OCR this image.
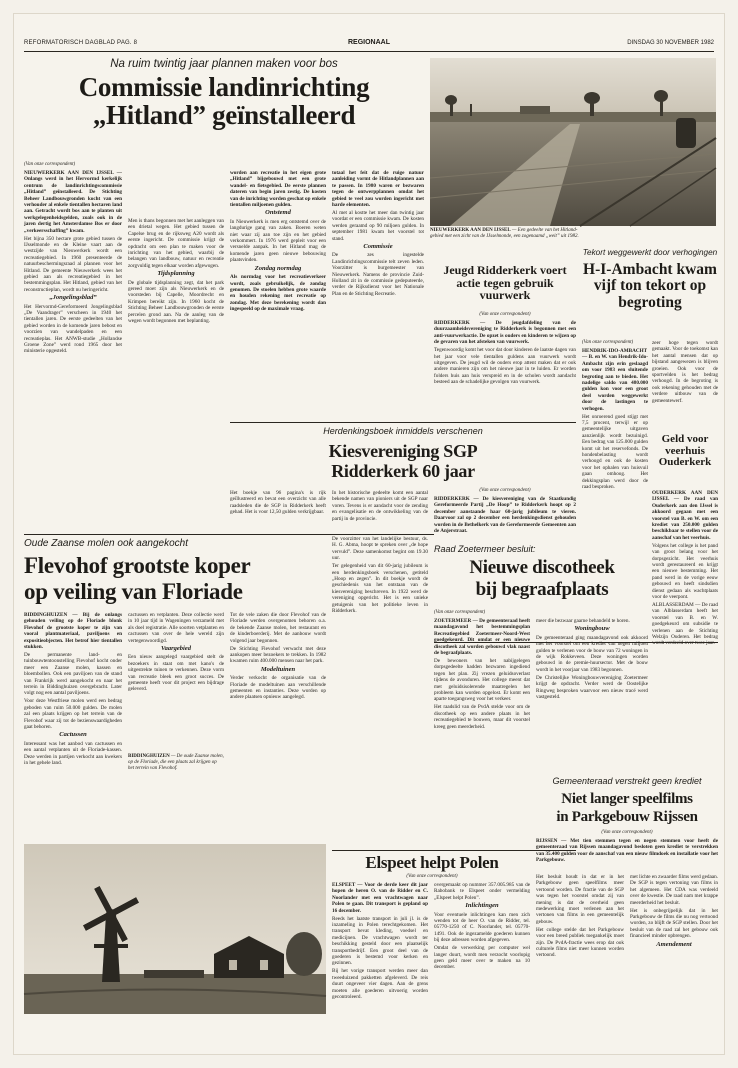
REFORMATORISCH DAGBLAD PAG. 8	REGIONAAL	DINSDAG 30 NOVEMBER 1982
Na ruim twintig jaar plannen maken voor bos
Commissie landinrichting
„Hitland” geïnstalleerd
(Van onze correspondent)

NIEUWERKERK AAN DEN IJSSEL — Onlangs werd in het Hervormd kerkelijk centrum de landinrichtingscommissie „Hitland” geïnstalleerd. De Stichting Beheer Landbouwgronden kocht van een verhouder al enkele tientallen hectaren land aan. Getracht wordt bos aan te planten uit werkgelegenheidsgelden, zoals ook in de jaren dertig het Amsterdamse Bos er door „verkeersschaffing” kwam.

Het bijna 350 hectare grote gebied tussen de IJsselmonde en de Kleine vaart aan de westzijde van Nieuwerkerk wordt een recreatiegebied. In 1960 presenteerde de natuurbeschermingsraad al plannen voor het Hitland. De gemeente Nieuwerkerk wees het gebied aan als recreatiegebied in het bestemmingsplan. Het Hitland, gebied van het reconstructieplan, wordt nu heringericht.

„Jongelingsblad”

Het Hervormd-Gereformeerd Jongelingsblad „De Vaandrager” verscheen in 1940 het tientallen jaren. De eerste gedeelten van het gebied worden in de komende jaren bebost en voorzien van wandelpaden en een recreatieplas. Het ANWB-studie „Hollandse Groene Zone” werd rond 1965 door het ministerie opgesteld.

Men is thans begonnen met het aanleggen van een drietal wegen. Het gebied tussen de Capelse brug en de rijksweg A20 wordt als eerste ingericht. De commissie krijgt de opdracht om een plan te maken voor de inrichting van het gebied, waarbij de belangen van landbouw, natuur en recreatie zorgvuldig tegen elkaar worden afgewogen.

Tijdsplanning

De globale tijdsplanning zegt, dat het park gereed moet zijn als Nieuwerkerk en de voorsteden bij Capelle, Moordrecht en Krimpen bereikt zijn. In 1960 kocht de Stichting Beheer Landbouwgronden de eerste percelen grond aan. Na de aanleg van de wegen wordt begonnen met beplanting.

worden aan recreatie in het eigen grote „Hitland” bijgebouwd met een grote wandel- en fietsgebied. De eerste plannen dateren van begin jaren zestig. De kosten van de inrichting worden geschat op enkele tientallen miljoenen gulden.

Ontstemd

In Nieuwerkerk is men erg ontstemd over de langdurige gang van zaken. Boeren weten niet waar zij aan toe zijn en het gebied verkommert. In 1976 werd gepleit voor een versnelde aanpak. In het Hitland mag de komende jaren geen nieuwe bebouwing plaatsvinden.

Zondag normdag

Als normdag voor het recreatieverkeer wordt, zoals gebruikelijk, de zondag genomen. De stoelen hebben grote waarde en houden rekening met recreatie op zondag. Met deze berekening wordt dan ingespeeld op de maximale vraag.

totaal het feit dat de ruige natuur aanleiding vormt de Hitlandplannen aan te passen. In 1980 waren er bezwaren tegen de ontwerpplannen omdat het gebied te veel zou worden ingericht met harde elementen.

Al met al kostte het meer dan twintig jaar voordat er een commissie kwam. De kosten werden geraamd op 90 miljoen gulden. In september 1981 kwam het voorstel tot stand.

Commissie

De zes ingestelde Landinrichtingscommissie telt zeven leden. Voorzitter is burgemeester van Nieuwerkerk. Namens de provincie Zuid-Holland zit in de commissie gedeputeerde, verder de Rijksdienst voor het Nationale Plan en de Stichting Recreatie.

NIEUWERKERK AAN DEN IJSSEL — Een gedeelte van het Hitland-gebied met een zicht van de IJsselmonde, een zogenaamd „weit” uit 1982.
Jeugd Ridderkerk voert actie tegen gebruik vuurwerk
(Van onze correspondent)

RIDDERKERK — De jeugdafdeling van de duurzaamheidsvereniging te Ridderkerk is begonnen met een anti-vuurwerkactie. De opzet is ouders en kinderen te wijzen op de gevaren van het afsteken van vuurwerk.

Tegenwoordig komt het voor dat door kinderen de laatste dagen van het jaar voor vele tientallen guldens aan vuurwerk wordt uitgegeven. De jeugd wil de ouders erop attent maken dat er ook andere manieren zijn om het nieuwe jaar in te luiden. Er worden folders huis aan huis verspreid en in de scholen wordt aandacht besteed aan de schadelijke gevolgen van vuurwerk.

Tekort weggewerkt door verhogingen
H-I-Ambacht kwam vijf ton tekort op begroting
(Van onze correspondent)

HENDRIK-IDO-AMBACHT — B. en W. van Hendrik-Ido-Ambacht zijn erin geslaagd om voor 1983 een sluitende begroting aan te bieden. Het nadelige saldo van 480.000 gulden kon voor een groot deel worden weggewerkt door de lastingen te verhogen.

Het onroerend goed stijgt met 7,5 procent, terwijl er op gemeentelijke uitgaven aanzienlijk wordt bezuinigd. Een bedrag van 125.000 gulden komt uit het reservefonds. De hondenbelasting wordt verhoogd en ook de kosten voor het ophalen van huisvuil gaan omhoog. Het dekkingsplan werd door de raad besproken.

zeer hoge tegen wordt gemaakt. Voor de toekomst kan het aantal mensen dat op bijstand aangewezen is blijven groeien. Ook voor de sportvelden is het bedrag verhoogd. In de begroting is ook rekening gehouden met de verdere uitbouw van de gemeentewerf.

Geld voor veerhuis Ouderkerk

OUDERKERK AAN DEN IJSSEL — De raad van Ouderkerk aan den IJssel is akkoord gegaan met een voorstel van B. en W. om een krediet van 250.000 gulden beschikbaar te stellen voor de aanschaf van het veerhuis.

Volgens het college is het pand van groot belang voor het dorpsgezicht. Het veerhuis wordt gerestaureerd en krijgt een nieuwe bestemming. Het pand werd in de vorige eeuw gebouwd en heeft sindsdien dienst gedaan als wachtplaats voor de veerpont.

ALBLASSERDAM — De raad van Alblasserdam heeft het voorstel van B. en W. goedgekeurd om subsidie te verlenen aan de Stichting Welzijn Ouderen. Het bedrag wordt verdeeld over twee jaar.

Herdenkingsboek inmiddels verschenen
Kiesvereniging SGP
Ridderkerk 60 jaar
(Van onze correspondent)

Het boekje van 96 pagina's is rijk geïllustreerd en bevat een overzicht van alle raadsleden die de SGP in Ridderkerk heeft gehad. Het is voor 12,50 gulden verkrijgbaar.

In het historische gedeelte komt een aantal bekende namen van pioniers uit de SGP naar voren. Tevens is er aandacht voor de zending en evangelisatie en de ontwikkeling van de partij in de provincie.

RIDDERKERK — De kiesvereniging van de Staatkundig Gereformeerde Partij „De Hoop” te Ridderkerk hoopt op 2 december aanstaande haar 60-jarig jubileum te vieren. Daarvoor zal op 2 december een herdenkingsdienst gehouden worden in de Bethelkerk van de Gereformeerde Gemeenten aan de Anjerstraat.

Oude Zaanse molen ook aangekocht
Flevohof grootste koper
op veiling van Floriade

BIDDINGHUIZEN — Bij de onlangs gehouden veiling op de Floriade blonk Flevohof de grootste koper te zijn van vooral plantmateriaal, paviljoens en expositieobjecten. Het betrof hier tientallen stukken.

De permanente land- en tuinbouwtentoonstelling Flevohof kocht onder meer een Zaanse molen, kassen en bloembollen. Ook een paviljoen van de stand van Frankrijk werd aangekocht en naar het terrein in Biddinghuizen overgebracht. Later volgt nog een aantal paviljoens.

Voor deze Westfriese molen werd een bedrag geboden van ruim 50.000 gulden. De molen zal een plaats krijgen op het terrein van de Flevohof waar zij tot de bezienswaardigheden gaat behoren.

Cactussen

Interessant was het aanbod van cactussen en een aantal vetplanten uit de Floriade-kassen. Deze werden in partijen verkocht aan kwekers in het gehele land.

cactussen en vetplanten. Deze collectie werd in 10 jaar tijd in Wageningen verzameld met als doel registratie. Alle soorten vetplanten en cactussen van over de hele wereld zijn vertegenwoordigd.

Vaargebied

Een nieuw aangelegd vaargebied stelt de bezoekers in staat om met kano's de uitgestrekte tuinen te verkennen. Deze vorm van recreatie bleek een groot succes. De gemeente heeft voor dit project een bijdrage geleverd.

BIDDINGHUIZEN — De oude Zaanse molen, op de Floriade, die een plaats zal krijgen op het terrein van Flevohof.

Tot de vele zaken die door Flevohof van de Floriade werden overgenomen behoren o.a. de bekende Zaanse molen, het restaurant en de kinderboerderij. Met de aanbouw wordt volgend jaar begonnen.

De Stichting Flevohof verwacht met deze aankopen meer bezoekers te trekken. In 1982 kwamen ruim 400.000 mensen naar het park.

Modeltuinen

Verder verkocht de organisatie van de Floriade de modeltuinen aan verschillende gemeenten en instanties. Deze worden op andere plaatsen opnieuw aangelegd.

De voorzitter van het landelijke bestuur, ds. H. G. Abma, hoopt te spreken over „de hope vervuld”. Deze samenkomst begint om 19.30 uur.

Ter gelegenheid van dit 60-jarig jubileum is een herdenkingsboek verschenen, getiteld „Hoop en zegen”. In dit boekje wordt de geschiedenis van het ontstaan van de kiesvereniging beschreven. In 1922 werd de vereniging opgericht. Het is een unieke getuigenis van het politieke leven in Ridderkerk.

Raad Zoetermeer besluit:
Nieuwe discotheek
bij begraafplaats
(Van onze correspondent)

ZOETERMEER — De gemeenteraad heeft maandagavond het bestemmingsplan Recreatiegebied Zoetermeer-Noord-West goedgekeurd. Dit omdat er een nieuwe discotheek zal worden gebouwd vlak naast de begraafplaats.

De bewoners van het nabijgelegen dorpsgedeelte hadden bezwaren ingediend tegen het plan. Zij vrezen geluidsoverlast tijdens de avonduren. Het college meent dat met geluidsisolerende maatregelen het probleem kan worden opgelost. Er komt een aparte toegangsweg voor het verkeer.

Het raadslid van de PvdA stelde voor om de discotheek op een andere plaats in het recreatiegebied te bouwen, maar dit voorstel kreeg geen meerderheid.

meer die bezwaar gaarne behandeld te horen.

Woningbouw

De gemeenteraad ging maandagavond ook akkoord met het voorstel om een krediet van negen miljoen gulden te verlenen voor de bouw van 72 woningen in de wijk Rokkeveen. Deze woningen worden gebouwd in de premie-huursector. Met de bouw wordt in het voorjaar van 1983 begonnen.

De Christelijke Woningbouwvereniging Zoetermeer krijgt de opdracht. Verder werd de Oostelijke Ringweg besproken waarvoor een nieuw tracé werd vastgesteld.

Elspeet helpt Polen
(Van onze correspondent)

ELSPEET — Voor de derde keer dit jaar hopen de heren O. van de Ridder en C. Noorlander met een vrachtwagen naar Polen te gaan. Dit transport is gepland op 16 december.

Reeds het laatste transport in juli jl. is de inzameling in Polen terechtgekomen. Het transport bevat kleding, voedsel en medicijnen. De vrachtwagen wordt ter beschikking gesteld door een plaatselijk transportbedrijf. Een groot deel van de goederen is bestemd voor kerken en gezinnen.

Bij het vorige transport werden meer dan tweeduizend pakketten afgeleverd. De reis duurt ongeveer vier dagen. Aan de grens moeten alle goederen uitvoerig worden gecontroleerd.

overgemaakt op nummer 357.005.985 van de Rabobank te Elspeet onder vermelding „Elspeet helpt Polen”.

Inlichtingen

Voor eventuele inlichtingen kan men zich wenden tot de heer O. van de Ridder, tel. 05770-1250 of C. Noorlander, tel. 05770-1491. Ook de ingezamelde goederen kunnen bij deze adressen worden afgegeven.

Omdat de verwerking per computer wel langer duurt, wordt men verzocht voorlopig geen geld meer over te maken na 10 december.

Gemeenteraad verstrekt geen krediet
Niet langer speelfilms
in Parkgebouw Rijssen
(Van onze correspondent)

RIJSSEN — Met tien stemmen tegen en negen stemmen voor heeft de gemeenteraad van Rijssen maandagavond besloten geen krediet te verstrekken van 35.400 gulden voor de aanschaf van een nieuw filmdoek en installatie voor het Parkgebouw.

Het besluit houdt in dat er in het Parkgebouw geen speelfilms meer vertoond worden. De fractie van de SGP was tegen het voorstel omdat zij van mening is dat de overheid geen medewerking moet verlenen aan het vertonen van films in een gemeentelijk gebouw.

Het college stelde dat het Parkgebouw voor een breed publiek toegankelijk moet zijn. De PvdA-fractie wees erop dat ook culturele films niet meer kunnen worden vertoond.

met lichte en zwaarder films werd gedaan. De SGP is tegen vertoning van films in het algemeen. Het CDA was verdeeld over de kwestie. De raad nam met krappe meerderheid het besluit.

Het is onbegrijpelijk dat in het Parkgebouw de films die nu nog vertoond worden, zo blijft de SGP stellen. Door het besluit van de raad zal het gebouw ook financieel minder opbrengen.

Amendement
